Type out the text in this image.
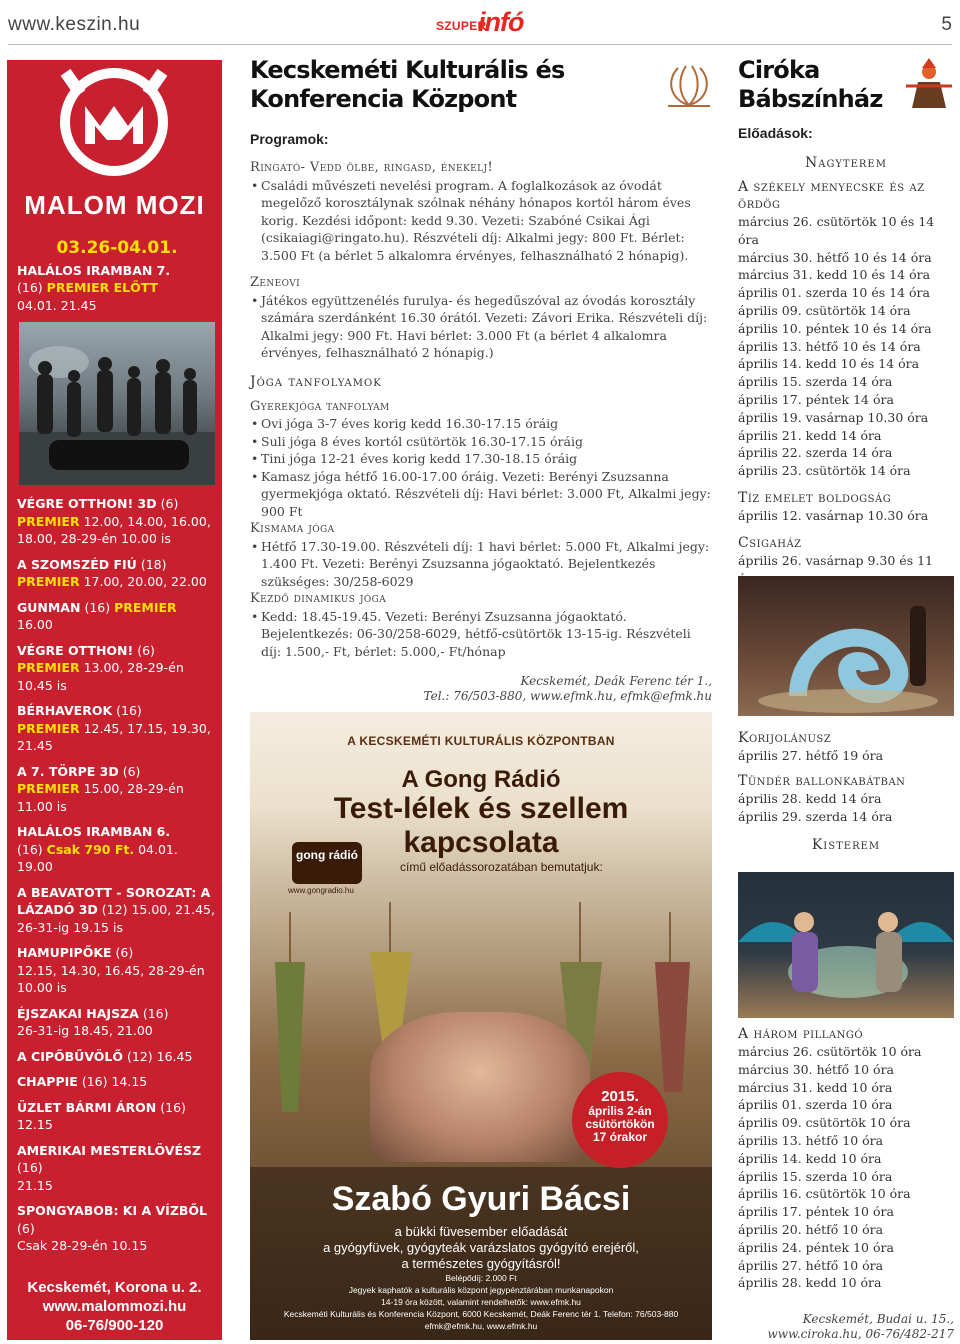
www.keszin.hu	SZUPER
infó	5
MALOM MOZI
03.26-04.01.
HALÁLOS IRAMBAN 7.
(16) PREMIER ELŐTT
04.01. 21.45
VÉGRE OTTHON! 3D (6)
PREMIER 12.00, 14.00, 16.00, 18.00, 28-29-én 10.00 is
A SZOMSZÉD FIÚ (18)
PREMIER 17.00, 20.00, 22.00
GUNMAN (16) PREMIER
16.00
VÉGRE OTTHON! (6)
PREMIER 13.00, 28-29-én 10.45 is
BÉRHAVEROK (16)
PREMIER 12.45, 17.15, 19.30, 21.45
A 7. TÖRPE 3D (6)
PREMIER 15.00, 28-29-én 11.00 is
HALÁLOS IRAMBAN 6.
(16) Csak 790 Ft. 04.01. 19.00
A BEAVATOTT - SOROZAT: A LÁZADÓ 3D (12) 15.00, 21.45, 26-31-ig 19.15 is
HAMUPIPŐKE (6)
12.15, 14.30, 16.45, 28-29-én 10.00 is
ÉJSZAKAI HAJSZA (16)
26-31-ig 18.45, 21.00
A CIPŐBŰVÖLŐ (12) 16.45
CHAPPIE (16) 14.15
ÜZLET BÁRMI ÁRON (16)
12.15
AMERIKAI MESTERLÖVÉSZ (16)
21.15
SPONGYABOB: KI A VÍZBŐL (6)
Csak 28-29-én 10.15
Kecskemét, Korona u. 2.
www.malommozi.hu
06-76/900-120
Kecskeméti Kulturális és
Konferencia Központ
Programok:
Ringató- Vedd ölbe, ringasd, énekelj!
• Családi művészeti nevelési program. A foglalkozások az óvodát megelőző korosztálynak szólnak néhány hónapos kortól három éves korig. Kezdési időpont: kedd 9.30. Vezeti: Szabóné Csikai Ági (csikaiagi@ringato.hu). Részvételi díj: Alkalmi jegy: 800 Ft. Bérlet: 3.500 Ft (a bérlet 5 alkalomra érvényes, felhasználható 2 hónapig).
Zeneovi
• Játékos együttzenélés furulya- és hegedűszóval az óvodás korosztály számára szerdánként 16.30 órától. Vezeti: Závori Erika. Részvételi díj: Alkalmi jegy: 900 Ft. Havi bérlet: 3.000 Ft (a bérlet 4 alkalomra érvényes, felhasználható 2 hónapig.)
Jóga tanfolyamok
Gyerekjóga tanfolyam
• Ovi jóga 3-7 éves korig kedd 16.30-17.15 óráig
• Suli jóga 8 éves kortól csütörtök 16.30-17.15 óráig
• Tini jóga 12-21 éves korig kedd 17.30-18.15 óráig
• Kamasz jóga hétfő 16.00-17.00 óráig. Vezeti: Berényi Zsuzsanna gyermekjóga oktató. Részvételi díj: Havi bérlet: 3.000 Ft, Alkalmi jegy: 900 Ft
Kismama jóga
• Hétfő 17.30-19.00. Részvételi díj: 1 havi bérlet: 5.000 Ft, Alkalmi jegy: 1.400 Ft. Vezeti: Berényi Zsuzsanna jógaoktató. Bejelentkezés szükséges: 30/258-6029
Kezdő dinamikus jóga
• Kedd: 18.45-19.45. Vezeti: Berényi Zsuzsanna jógaoktató. Bejelentkezés: 06-30/258-6029, hétfő-csütörtök 13-15-ig. Részvételi díj: 1.500,- Ft, bérlet: 5.000,- Ft/hónap
Kecskemét, Deák Ferenc tér 1.,
Tel.: 76/503-880, www.efmk.hu, efmk@efmk.hu
A KECSKEMÉTI KULTURÁLIS KÖZPONTBAN
A Gong Rádió
Test-lélek és szellem
kapcsolata
gong rádió
www.gongradio.hu
című előadássorozatában bemutatjuk:
2015.
április 2-án
csütörtökön
17 órakor
Szabó Gyuri Bácsi
a bükki füvesember előadását
a gyógyfüvek, gyógyteák varázslatos gyógyító erejéről,
a természetes gyógyításról!
Belépődíj: 2.000 Ft
Jegyek kaphatók a kulturális központ jegypénztárában munkanapokon
14-19 óra között, valamint rendelhetők: www.efmk.hu
Kecskeméti Kulturális és Konferencia Központ, 6000 Kecskemét, Deák Ferenc tér 1. Telefon: 76/503-880
efmk@efmk.hu, www.efmk.hu
Ciróka
Bábszínház
Előadások:
Nagyterem
A székely menyecske és az ördög
március 26. csütörtök 10 és 14 óra
március 30. hétfő 10 és 14 óra
március 31. kedd 10 és 14 óra
április 01. szerda 10 és 14 óra
április 09. csütörtök 14 óra
április 10. péntek 10 és 14 óra
április 13. hétfő 10 és 14 óra
április 14. kedd 10 és 14 óra
április 15. szerda 14 óra
április 17. péntek 14 óra
április 19. vasárnap 10.30 óra
április 21. kedd 14 óra
április 22. szerda 14 óra
április 23. csütörtök 14 óra
Tíz emelet boldogság
április 12. vasárnap 10.30 óra
Csigaház
április 26. vasárnap 9.30 és 11
Korijolánusz
április 27. hétfő 19 óra
Tündér ballonkabátban
április 28. kedd 14 óra
április 29. szerda 14 óra
Kisterem
A három pillangó
március 26. csütörtök 10 óra
március 30. hétfő 10 óra
március 31. kedd 10 óra
április 01. szerda 10 óra
április 09. csütörtök 10 óra
április 13. hétfő 10 óra
április 14. kedd 10 óra
április 15. szerda 10 óra
április 16. csütörtök 10 óra
április 17. péntek 10 óra
április 20. hétfő 10 óra
április 24. péntek 10 óra
április 27. hétfő 10 óra
április 28. kedd 10 óra
Kecskemét, Budai u. 15.,
www.ciroka.hu, 06-76/482-217
